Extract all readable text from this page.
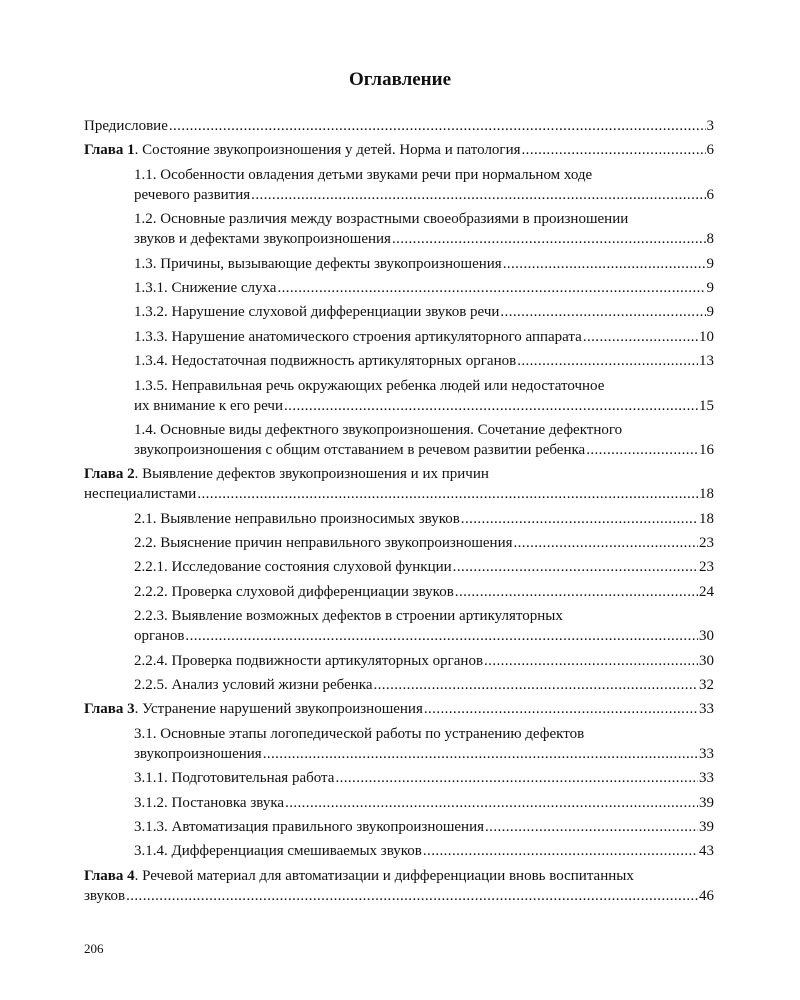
Оглавление
Предисловие .....	3
Глава 1. Состояние звукопроизношения у детей. Норма и патология .....	6
1.1. Особенности овладения детьми звуками речи при нормальном ходе
речевого развития .....	6
1.2. Основные различия между возрастными своеобразиями в произношении
звуков и дефектами звукопроизношения .....	8
1.3. Причины, вызывающие дефекты звукопроизношения .....	9
1.3.1. Снижение слуха .....	9
1.3.2. Нарушение слуховой дифференциации звуков речи .....	9
1.3.3. Нарушение анатомического строения артикуляторного аппарата .....	10
1.3.4. Недостаточная подвижность артикуляторных органов .....	13
1.3.5. Неправильная речь окружающих ребенка людей или недостаточное
их внимание к его речи .....	15
1.4. Основные виды дефектного звукопроизношения. Сочетание дефектного
звукопроизношения с общим отставанием в речевом развитии ребенка .....	16
Глава 2. Выявление дефектов звукопроизношения и их причин
неспециалистами .....	18
2.1. Выявление неправильно произносимых звуков .....	18
2.2. Выяснение причин неправильного звукопроизношения .....	23
2.2.1. Исследование состояния слуховой функции .....	23
2.2.2. Проверка слуховой дифференциации звуков .....	24
2.2.3. Выявление возможных дефектов в строении артикуляторных
органов .....	30
2.2.4. Проверка подвижности артикуляторных органов .....	30
2.2.5. Анализ условий жизни ребенка .....	32
Глава 3. Устранение нарушений звукопроизношения .....	33
3.1. Основные этапы логопедической работы по устранению дефектов
звукопроизношения .....	33
3.1.1. Подготовительная работа .....	33
3.1.2. Постановка звука .....	39
3.1.3. Автоматизация правильного звукопроизношения .....	39
3.1.4. Дифференциация смешиваемых звуков .....	43
Глава 4. Речевой материал для автоматизации и дифференциации вновь воспитанных
звуков .....	46
206
